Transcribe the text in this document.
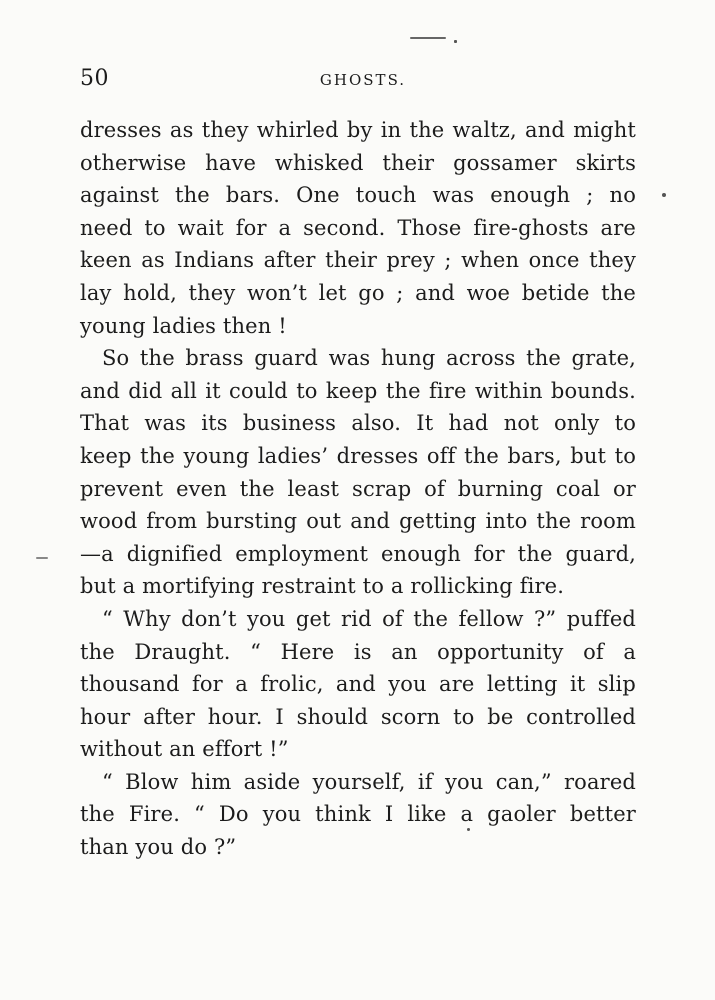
50	GHOSTS.
dresses as they whirled by in the waltz, and might
otherwise have whisked their gossamer skirts
against the bars. One touch was enough ; no
need to wait for a second. Those fire-ghosts are
keen as Indians after their prey ; when once they
lay hold, they won’t let go ; and woe betide the
young ladies then !
So the brass guard was hung across the grate,
and did all it could to keep the fire within bounds.
That was its business also. It had not only to
keep the young ladies’ dresses off the bars, but to
prevent even the least scrap of burning coal or
wood from bursting out and getting into the room
—a dignified employment enough for the guard,
but a mortifying restraint to a rollicking fire.
“ Why don’t you get rid of the fellow ?” puffed
the Draught. “ Here is an opportunity of a
thousand for a frolic, and you are letting it slip
hour after hour. I should scorn to be controlled
without an effort !”
“ Blow him aside yourself, if you can,” roared
the Fire. “ Do you think I like a gaoler better
than you do ?”
